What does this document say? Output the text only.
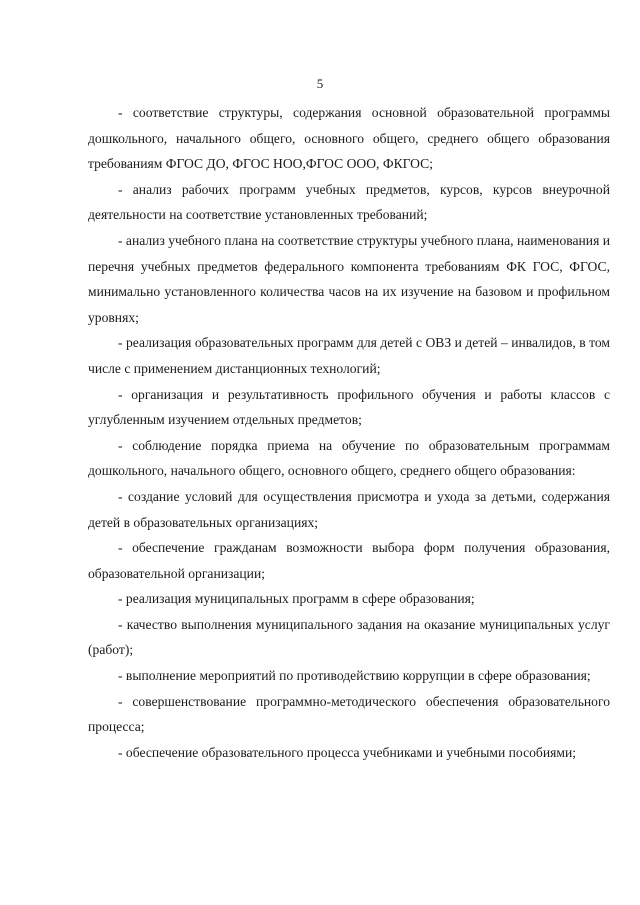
5

- соответствие структуры, содержания основной образовательной программы дошкольного, начального общего, основного общего, среднего общего образования требованиям ФГОС ДО, ФГОС НОО,ФГОС ООО, ФКГОС;

- анализ рабочих программ учебных предметов, курсов, курсов внеурочной деятельности на соответствие установленных требований;

- анализ учебного плана на соответствие структуры учебного плана, наименования и перечня учебных предметов федерального компонента требованиям ФК ГОС, ФГОС, минимально установленного количества часов на их изучение на базовом и профильном уровнях;

- реализация образовательных программ для детей с ОВЗ и детей – инвалидов, в том числе с применением дистанционных технологий;

- организация и результативность профильного обучения и работы классов с углубленным изучением отдельных предметов;

- соблюдение порядка приема на обучение по образовательным программам дошкольного, начального общего, основного общего, среднего общего образования:

- создание условий для осуществления присмотра и ухода за детьми, содержания детей в образовательных организациях;

- обеспечение гражданам возможности выбора форм получения образования, образовательной организации;

- реализация муниципальных программ в сфере образования;

- качество выполнения муниципального задания на оказание муниципальных услуг (работ);

- выполнение мероприятий по противодействию коррупции в сфере образования;

- совершенствование программно-методического обеспечения образовательного процесса;

- обеспечение образовательного процесса учебниками и учебными пособиями;
